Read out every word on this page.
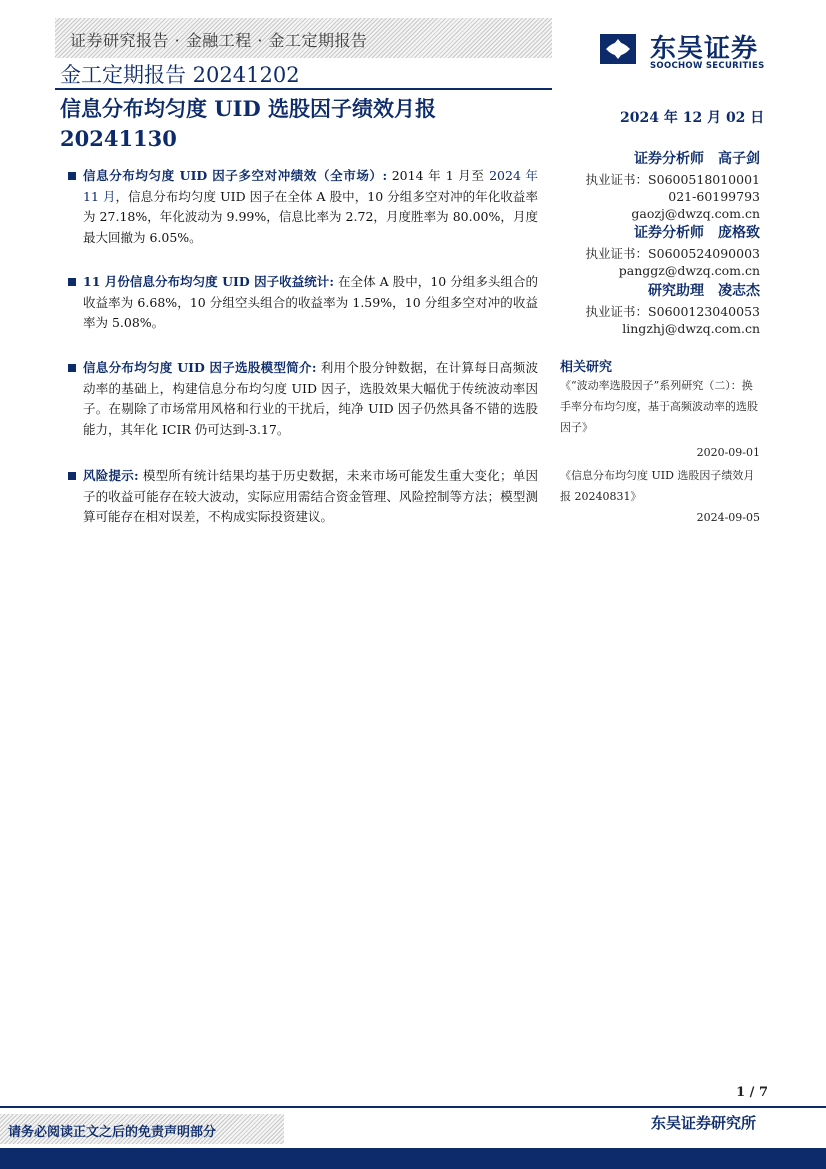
证券研究报告 · 金融工程 · 金工定期报告
金工定期报告 20241202
东吴证券
SOOCHOW SECURITIES
信息分布均匀度 UID 选股因子绩效月报
20241130
2024 年 12 月 02 日
信息分布均匀度 UID 因子多空对冲绩效（全市场）: 2014 年 1 月至 2024 年 11 月，信息分布均匀度 UID 因子在全体 A 股中，10 分组多空对冲的年化收益率为 27.18%，年化波动为 9.99%，信息比率为 2.72，月度胜率为 80.00%，月度最大回撤为 6.05%。
11 月份信息分布均匀度 UID 因子收益统计: 在全体 A 股中，10 分组多头组合的收益率为 6.68%，10 分组空头组合的收益率为 1.59%，10 分组多空对冲的收益率为 5.08%。
信息分布均匀度 UID 因子选股模型简介: 利用个股分钟数据，在计算每日高频波动率的基础上，构建信息分布均匀度 UID 因子，选股效果大幅优于传统波动率因子。在剔除了市场常用风格和行业的干扰后，纯净 UID 因子仍然具备不错的选股能力，其年化 ICIR 仍可达到-3.17。
风险提示: 模型所有统计结果均基于历史数据，未来市场可能发生重大变化；单因子的收益可能存在较大波动，实际应用需结合资金管理、风险控制等方法；模型测算可能存在相对误差，不构成实际投资建议。
证券分析师　高子剑
执业证书：S0600518010001
021-60199793
gaozj@dwzq.com.cn
证券分析师　庞格致
执业证书：S0600524090003
panggz@dwzq.com.cn
研究助理　凌志杰
执业证书：S0600123040053
lingzhj@dwzq.com.cn
相关研究
《“波动率选股因子”系列研究（二）：换手率分布均匀度，基于高频波动率的选股因子》
2020-09-01
《信息分布均匀度 UID 选股因子绩效月报 20240831》
2024-09-05
1 / 7
请务必阅读正文之后的免责声明部分
东吴证券研究所
